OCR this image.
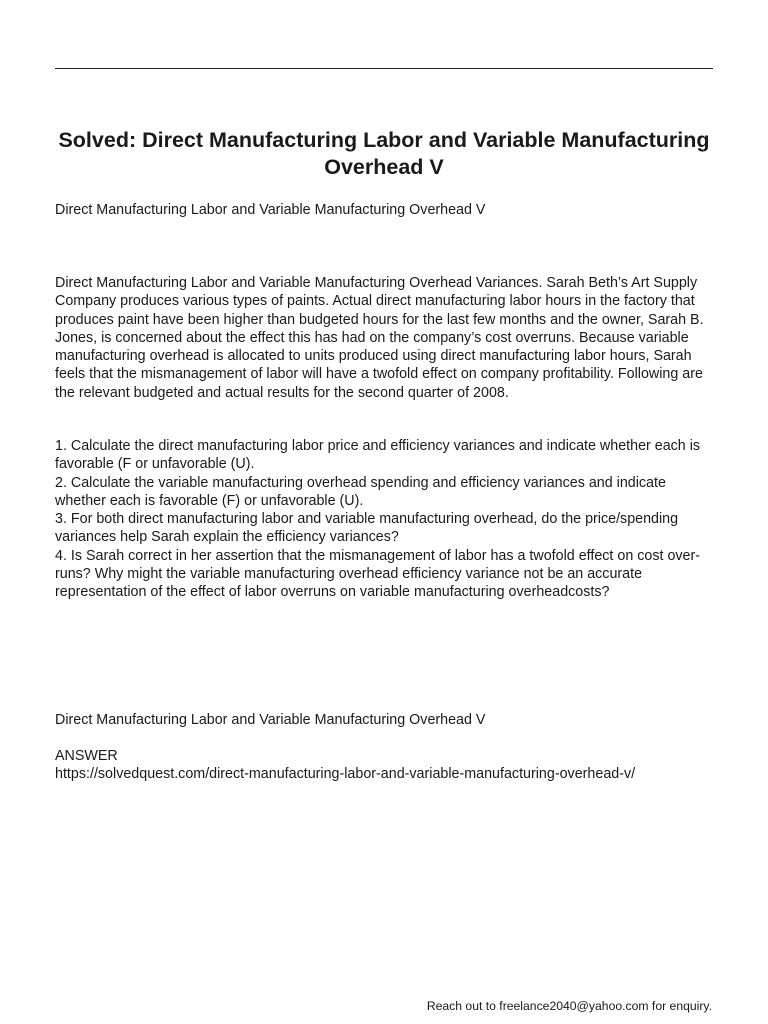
Solved: Direct Manufacturing Labor and Variable Manufacturing Overhead V

Direct Manufacturing Labor and Variable Manufacturing Overhead V

Direct Manufacturing Labor and Variable Manufacturing Overhead Variances. Sarah Beth’s Art Supply Company produces various types of paints. Actual direct manufacturing labor hours in the factory that produces paint have been higher than budgeted hours for the last few months and the owner, Sarah B. Jones, is concerned about the effect this has had on the company’s cost overruns. Because variable manufacturing overhead is allocated to units produced using direct manufacturing labor hours, Sarah feels that the mismanagement of labor will have a twofold effect on company profitability. Following are the relevant budgeted and actual results for the second quarter of 2008.

1. Calculate the direct manufacturing labor price and efficiency variances and indicate whether each is favorable (F or unfavorable (U).

2. Calculate the variable manufacturing overhead spending and efficiency variances and indicate whether each is favorable (F) or unfavorable (U).

3. For both direct manufacturing labor and variable manufacturing overhead, do the price/spending variances help Sarah explain the efficiency variances?

4. Is Sarah correct in her assertion that the mismanagement of labor has a twofold effect on cost over- runs? Why might the variable manufacturing overhead efficiency variance not be an accurate representation of the effect of labor overruns on variable manufacturing overheadcosts?

Direct Manufacturing Labor and Variable Manufacturing Overhead V

ANSWER

https://solvedquest.com/direct-manufacturing-labor-and-variable-manufacturing-overhead-v/

Reach out to freelance2040@yahoo.com for enquiry.
